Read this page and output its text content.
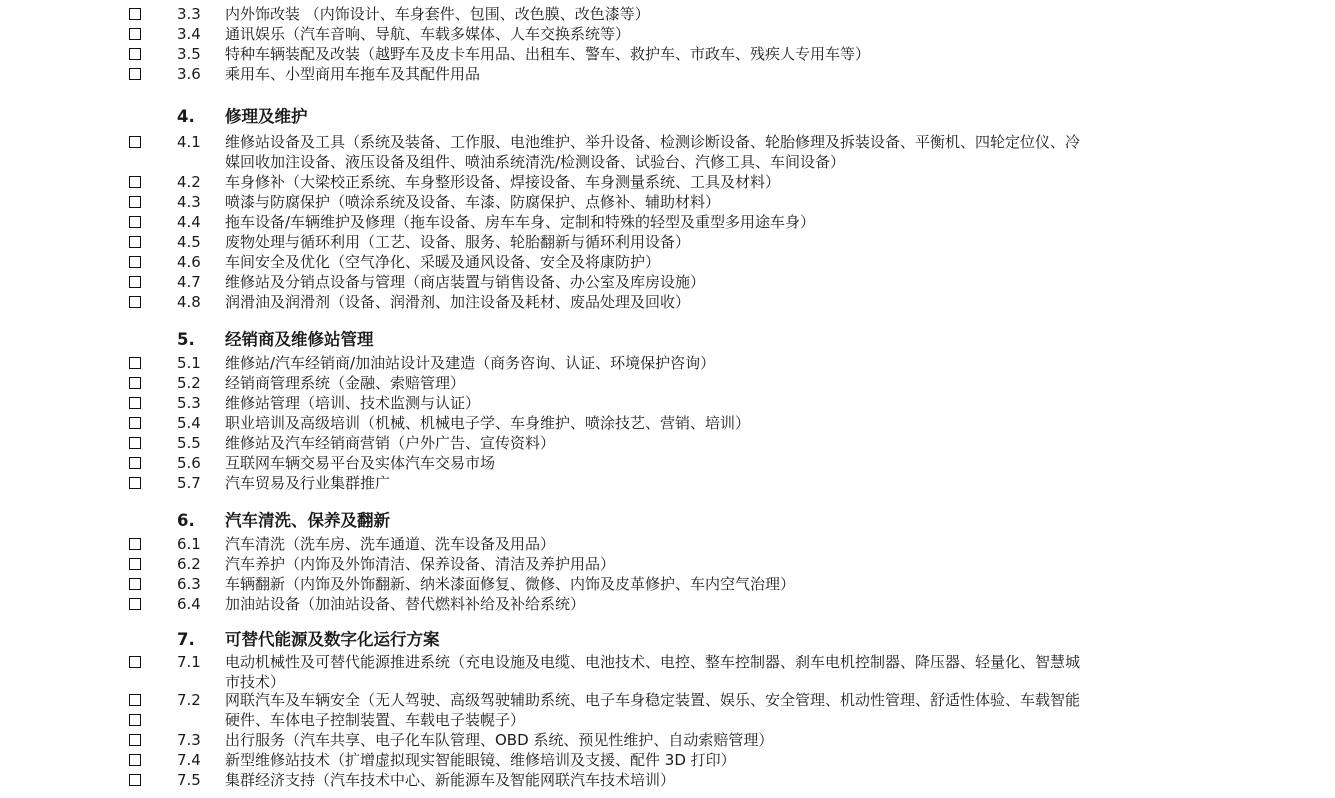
3.3 内外饰改装 （内饰设计、车身套件、包围、改色膜、改色漆等）
3.4 通讯娱乐（汽车音响、导航、车载多媒体、人车交换系统等）
3.5 特种车辆装配及改装（越野车及皮卡车用品、出租车、警车、救护车、市政车、残疾人专用车等）
3.6 乘用车、小型商用车拖车及其配件用品
4. 修理及维护
4.1 维修站设备及工具（系统及装备、工作服、电池维护、举升设备、检测诊断设备、轮胎修理及拆装设备、平衡机、四轮定位仪、冷
媒回收加注设备、液压设备及组件、喷油系统清洗/检测设备、试验台、汽修工具、车间设备）
4.2 车身修补（大梁校正系统、车身整形设备、焊接设备、车身测量系统、工具及材料）
4.3 喷漆与防腐保护（喷涂系统及设备、车漆、防腐保护、点修补、辅助材料）
4.4 拖车设备/车辆维护及修理（拖车设备、房车车身、定制和特殊的轻型及重型多用途车身）
4.5 废物处理与循环利用（工艺、设备、服务、轮胎翻新与循环利用设备）
4.6 车间安全及优化（空气净化、采暖及通风设备、安全及将康防护）
4.7 维修站及分销点设备与管理（商店装置与销售设备、办公室及库房设施）
4.8 润滑油及润滑剂（设备、润滑剂、加注设备及耗材、废品处理及回收）
5. 经销商及维修站管理
5.1 维修站/汽车经销商/加油站设计及建造（商务咨询、认证、环境保护咨询）
5.2 经销商管理系统（金融、索赔管理）
5.3 维修站管理（培训、技术监测与认证）
5.4 职业培训及高级培训（机械、机械电子学、车身维护、喷涂技艺、营销、培训）
5.5 维修站及汽车经销商营销（户外广告、宣传资料）
5.6 互联网车辆交易平台及实体汽车交易市场
5.7 汽车贸易及行业集群推广
6. 汽车清洗、保养及翻新
6.1 汽车清洗（洗车房、洗车通道、洗车设备及用品）
6.2 汽车养护（内饰及外饰清洁、保养设备、清洁及养护用品）
6.3 车辆翻新（内饰及外饰翻新、纳米漆面修复、微修、内饰及皮革修护、车内空气治理）
6.4 加油站设备（加油站设备、替代燃料补给及补给系统）
7. 可替代能源及数字化运行方案
7.1 电动机械性及可替代能源推进系统（充电设施及电缆、电池技术、电控、整车控制器、刹车电机控制器、降压器、轻量化、智慧城
市技术）
7.2 网联汽车及车辆安全（无人驾驶、高级驾驶辅助系统、电子车身稳定装置、娱乐、安全管理、机动性管理、舒适性体验、车载智能
硬件、车体电子控制装置、车载电子装幌子）
7.3 出行服务（汽车共享、电子化车队管理、OBD 系统、预见性维护、自动索赔管理）
7.4 新型维修站技术（扩增虚拟现实智能眼镜、维修培训及支援、配件 3D 打印）
7.5 集群经济支持（汽车技术中心、新能源车及智能网联汽车技术培训）
